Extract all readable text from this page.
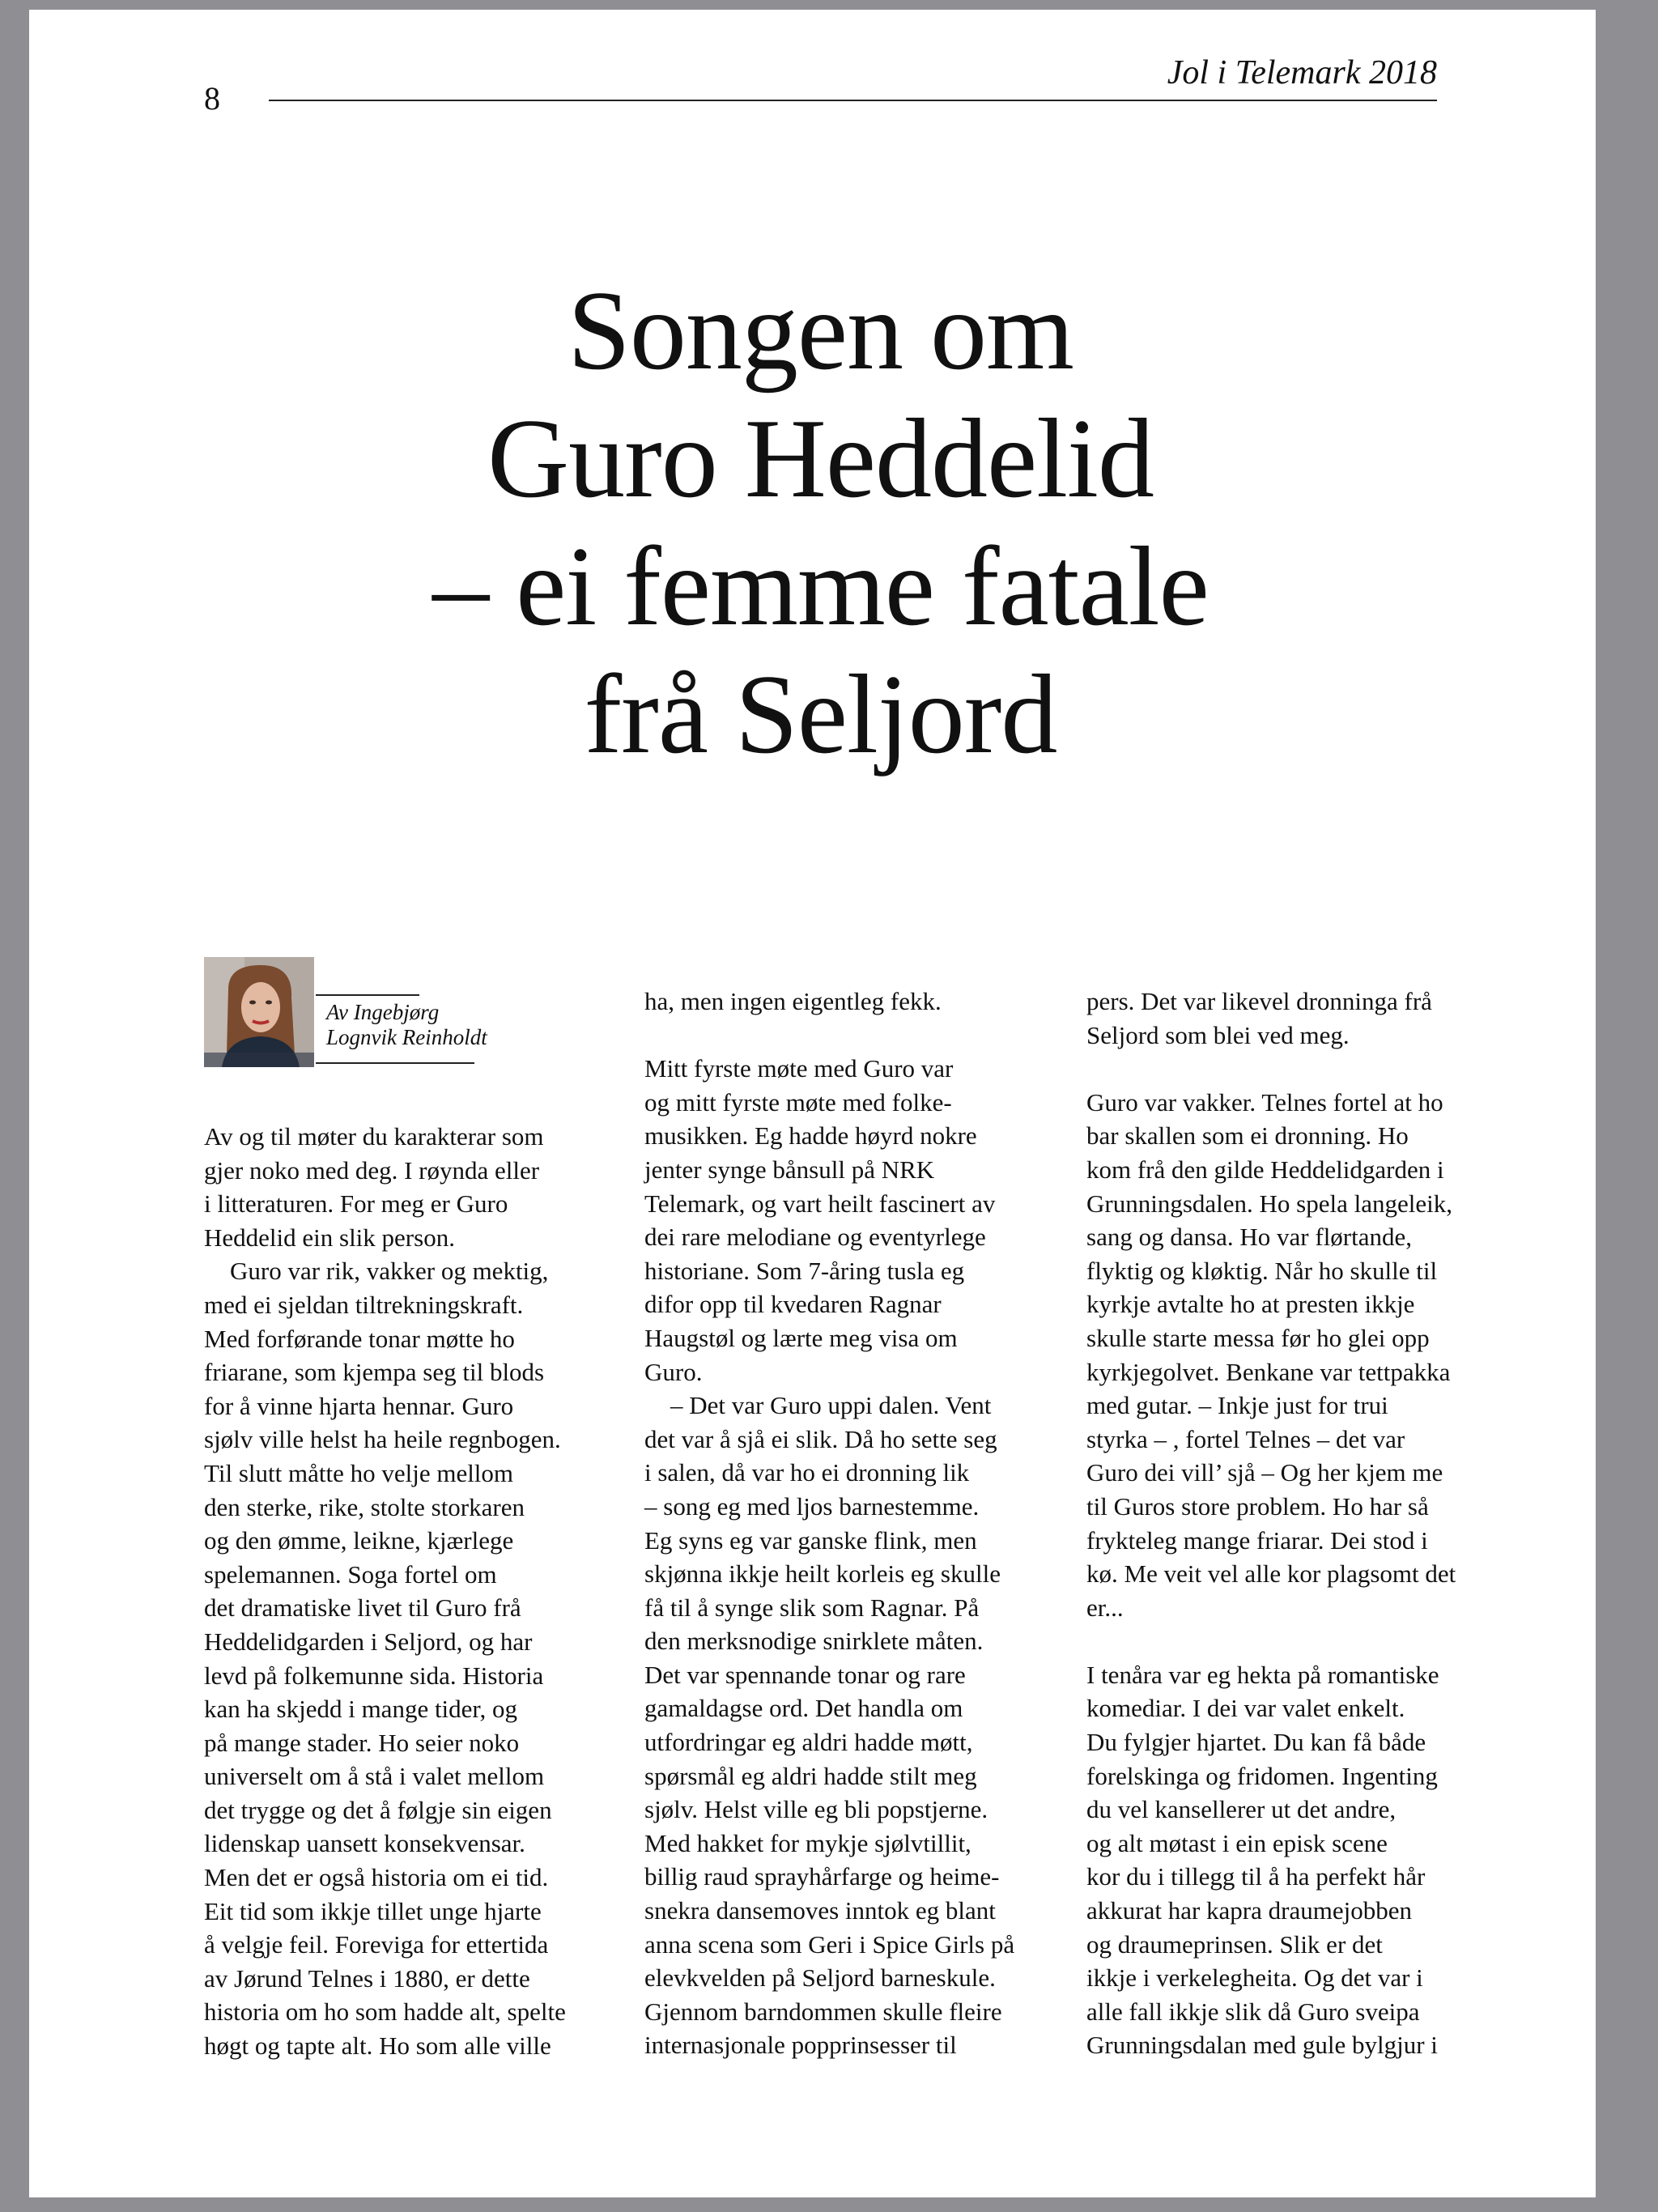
8
Jol i Telemark 2018
Songen om
Guro Heddelid
– ei femme fatale
frå Seljord
Av Ingebjørg
Lognvik Reinholdt
Av og til møter du karakterar som
gjer noko med deg. I røynda eller
i litteraturen. For meg er Guro
Heddelid ein slik person.
Guro var rik, vakker og mektig,
med ei sjeldan tiltrekningskraft.
Med forførande tonar møtte ho
friarane, som kjempa seg til blods
for å vinne hjarta hennar. Guro
sjølv ville helst ha heile regnbogen.
Til slutt måtte ho velje mellom
den sterke, rike, stolte storkaren
og den ømme, leikne, kjærlege
spelemannen. Soga fortel om
det dramatiske livet til Guro frå
Heddelidgarden i Seljord, og har
levd på folkemunne sida. Historia
kan ha skjedd i mange tider, og
på mange stader. Ho seier noko
universelt om å stå i valet mellom
det trygge og det å følgje sin eigen
lidenskap uansett konsekvensar.
Men det er også historia om ei tid.
Eit tid som ikkje tillet unge hjarte
å velgje feil. Foreviga for ettertida
av Jørund Telnes i 1880, er dette
historia om ho som hadde alt, spelte
høgt og tapte alt. Ho som alle ville
ha, men ingen eigentleg fekk.
Mitt fyrste møte med Guro var
og mitt fyrste møte med folke-
musikken. Eg hadde høyrd nokre
jenter synge bånsull på NRK
Telemark, og vart heilt fascinert av
dei rare melodiane og eventyrlege
historiane. Som 7-åring tusla eg
difor opp til kvedaren Ragnar
Haugstøl og lærte meg visa om
Guro.
– Det var Guro uppi dalen. Vent
det var å sjå ei slik. Då ho sette seg
i salen, då var ho ei dronning lik
– song eg med ljos barnestemme.
Eg syns eg var ganske flink, men
skjønna ikkje heilt korleis eg skulle
få til å synge slik som Ragnar. På
den merksnodige snirklete måten.
Det var spennande tonar og rare
gamaldagse ord. Det handla om
utfordringar eg aldri hadde møtt,
spørsmål eg aldri hadde stilt meg
sjølv. Helst ville eg bli popstjerne.
Med hakket for mykje sjølvtillit,
billig raud sprayhårfarge og heime-
snekra dansemoves inntok eg blant
anna scena som Geri i Spice Girls på
elevkvelden på Seljord barneskule.
Gjennom barndommen skulle fleire
internasjonale popprinsesser til
pers. Det var likevel dronninga frå
Seljord som blei ved meg.
Guro var vakker. Telnes fortel at ho
bar skallen som ei dronning. Ho
kom frå den gilde Heddelidgarden i
Grunningsdalen. Ho spela langeleik,
sang og dansa. Ho var flørtande,
flyktig og kløktig. Når ho skulle til
kyrkje avtalte ho at presten ikkje
skulle starte messa før ho glei opp
kyrkjegolvet. Benkane var tettpakka
med gutar. – Inkje just for trui
styrka – , fortel Telnes – det var
Guro dei vill’ sjå – Og her kjem me
til Guros store problem. Ho har så
frykteleg mange friarar. Dei stod i
kø. Me veit vel alle kor plagsomt det
er...
I tenåra var eg hekta på romantiske
komediar. I dei var valet enkelt.
Du fylgjer hjartet. Du kan få både
forelskinga og fridomen. Ingenting
du vel kansellerer ut det andre,
og alt møtast i ein episk scene
kor du i tillegg til å ha perfekt hår
akkurat har kapra draumejobben
og draumeprinsen. Slik er det
ikkje i verkelegheita. Og det var i
alle fall ikkje slik då Guro sveipa
Grunningsdalan med gule bylgjur i
